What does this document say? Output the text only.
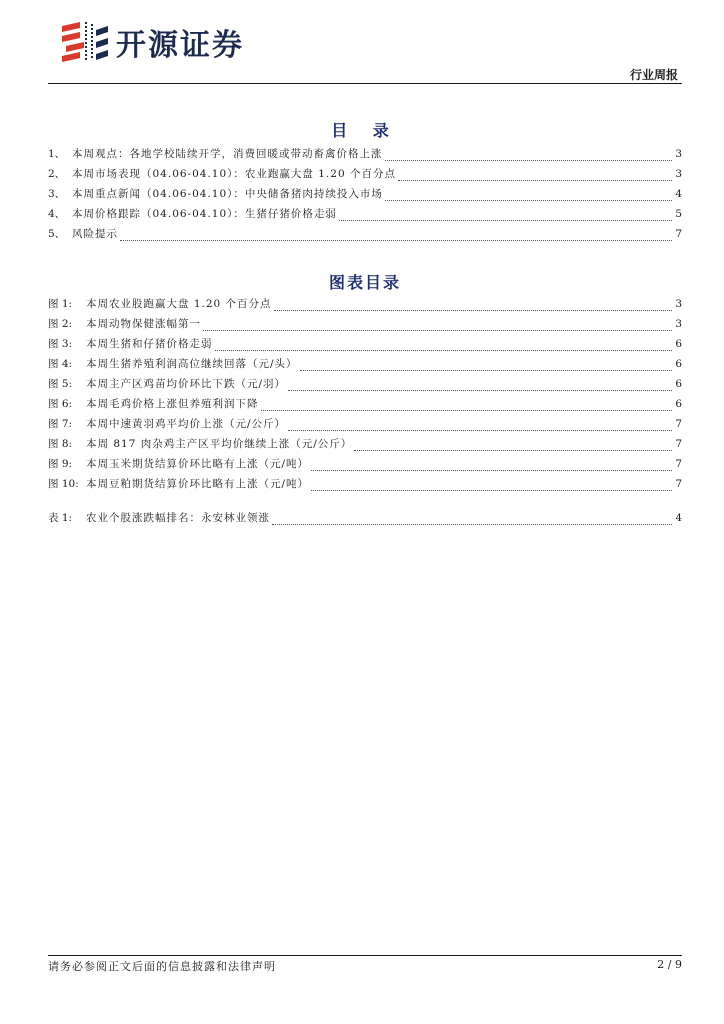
开源证券
行业周报
目 录
1、 本周观点：各地学校陆续开学，消费回暖或带动畜禽价格上涨	3
2、 本周市场表现（04.06-04.10）：农业跑赢大盘 1.20 个百分点	3
3、 本周重点新闻（04.06-04.10）：中央储备猪肉持续投入市场	4
4、 本周价格跟踪（04.06-04.10）：生猪仔猪价格走弱	5
5、 风险提示	7
图表目录
图 1:	本周农业股跑赢大盘 1.20 个百分点	3
图 2:	本周动物保健涨幅第一	3
图 3:	本周生猪和仔猪价格走弱	6
图 4:	本周生猪养殖利润高位继续回落（元/头）	6
图 5:	本周主产区鸡苗均价环比下跌（元/羽）	6
图 6:	本周毛鸡价格上涨但养殖利润下降	6
图 7:	本周中速黄羽鸡平均价上涨（元/公斤）	7
图 8:	本周 817 肉杂鸡主产区平均价继续上涨（元/公斤）	7
图 9:	本周玉米期货结算价环比略有上涨（元/吨）	7
图 10: 本周豆粕期货结算价环比略有上涨（元/吨）	7
表 1:	农业个股涨跌幅排名：永安林业领涨	4
请务必参阅正文后面的信息披露和法律声明	2 / 9
